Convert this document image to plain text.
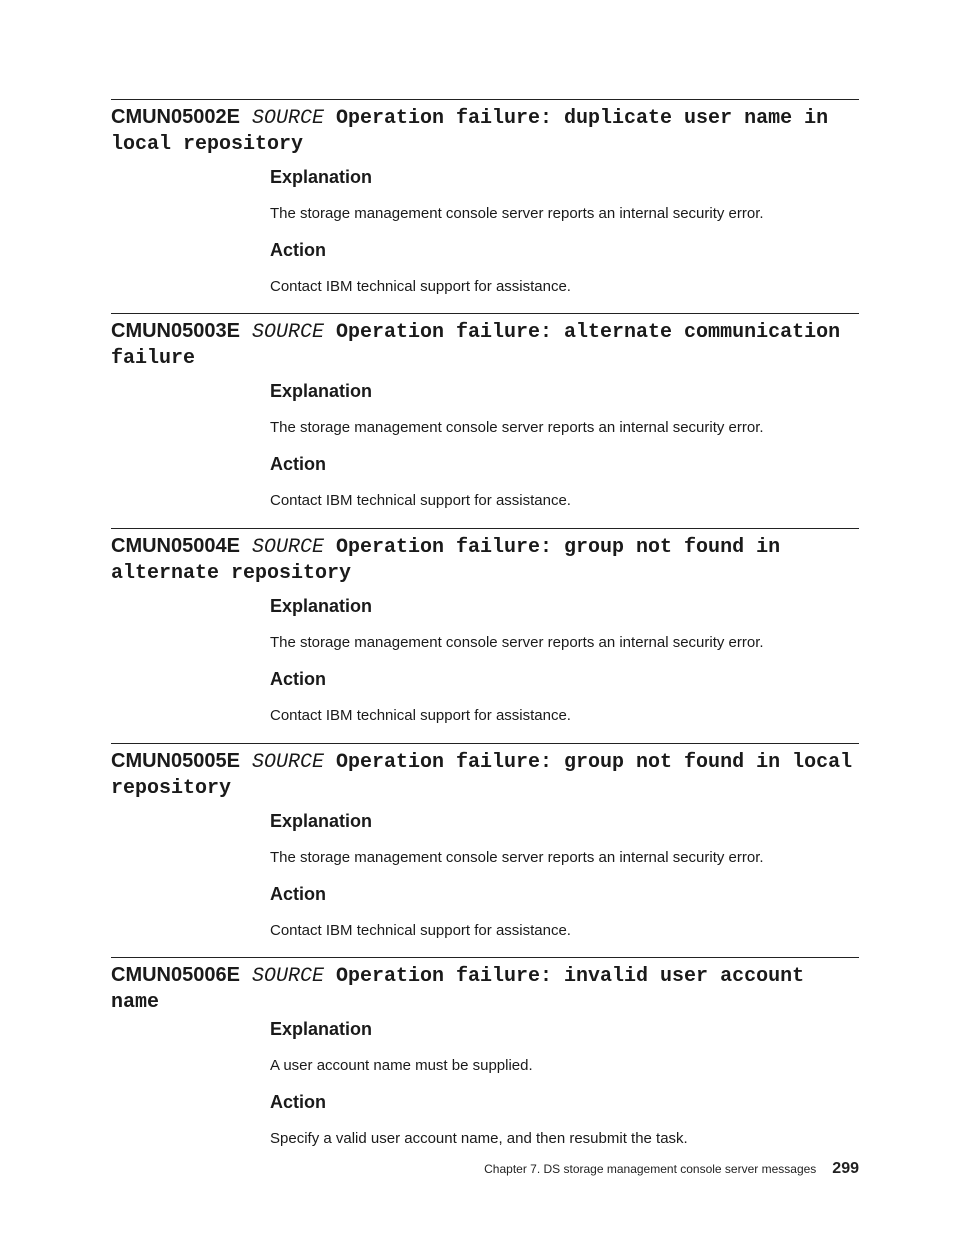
CMUN05002E SOURCE Operation failure: duplicate user name in local repository
Explanation

The storage management console server reports an internal security error.

Action

Contact IBM technical support for assistance.

CMUN05003E SOURCE Operation failure: alternate communication failure
Explanation

The storage management console server reports an internal security error.

Action

Contact IBM technical support for assistance.

CMUN05004E SOURCE Operation failure: group not found in alternate repository
Explanation

The storage management console server reports an internal security error.

Action

Contact IBM technical support for assistance.

CMUN05005E SOURCE Operation failure: group not found in local repository
Explanation

The storage management console server reports an internal security error.

Action

Contact IBM technical support for assistance.

CMUN05006E SOURCE Operation failure: invalid user account name
Explanation

A user account name must be supplied.

Action

Specify a valid user account name, and then resubmit the task.

Chapter 7. DS storage management console server messages 299
